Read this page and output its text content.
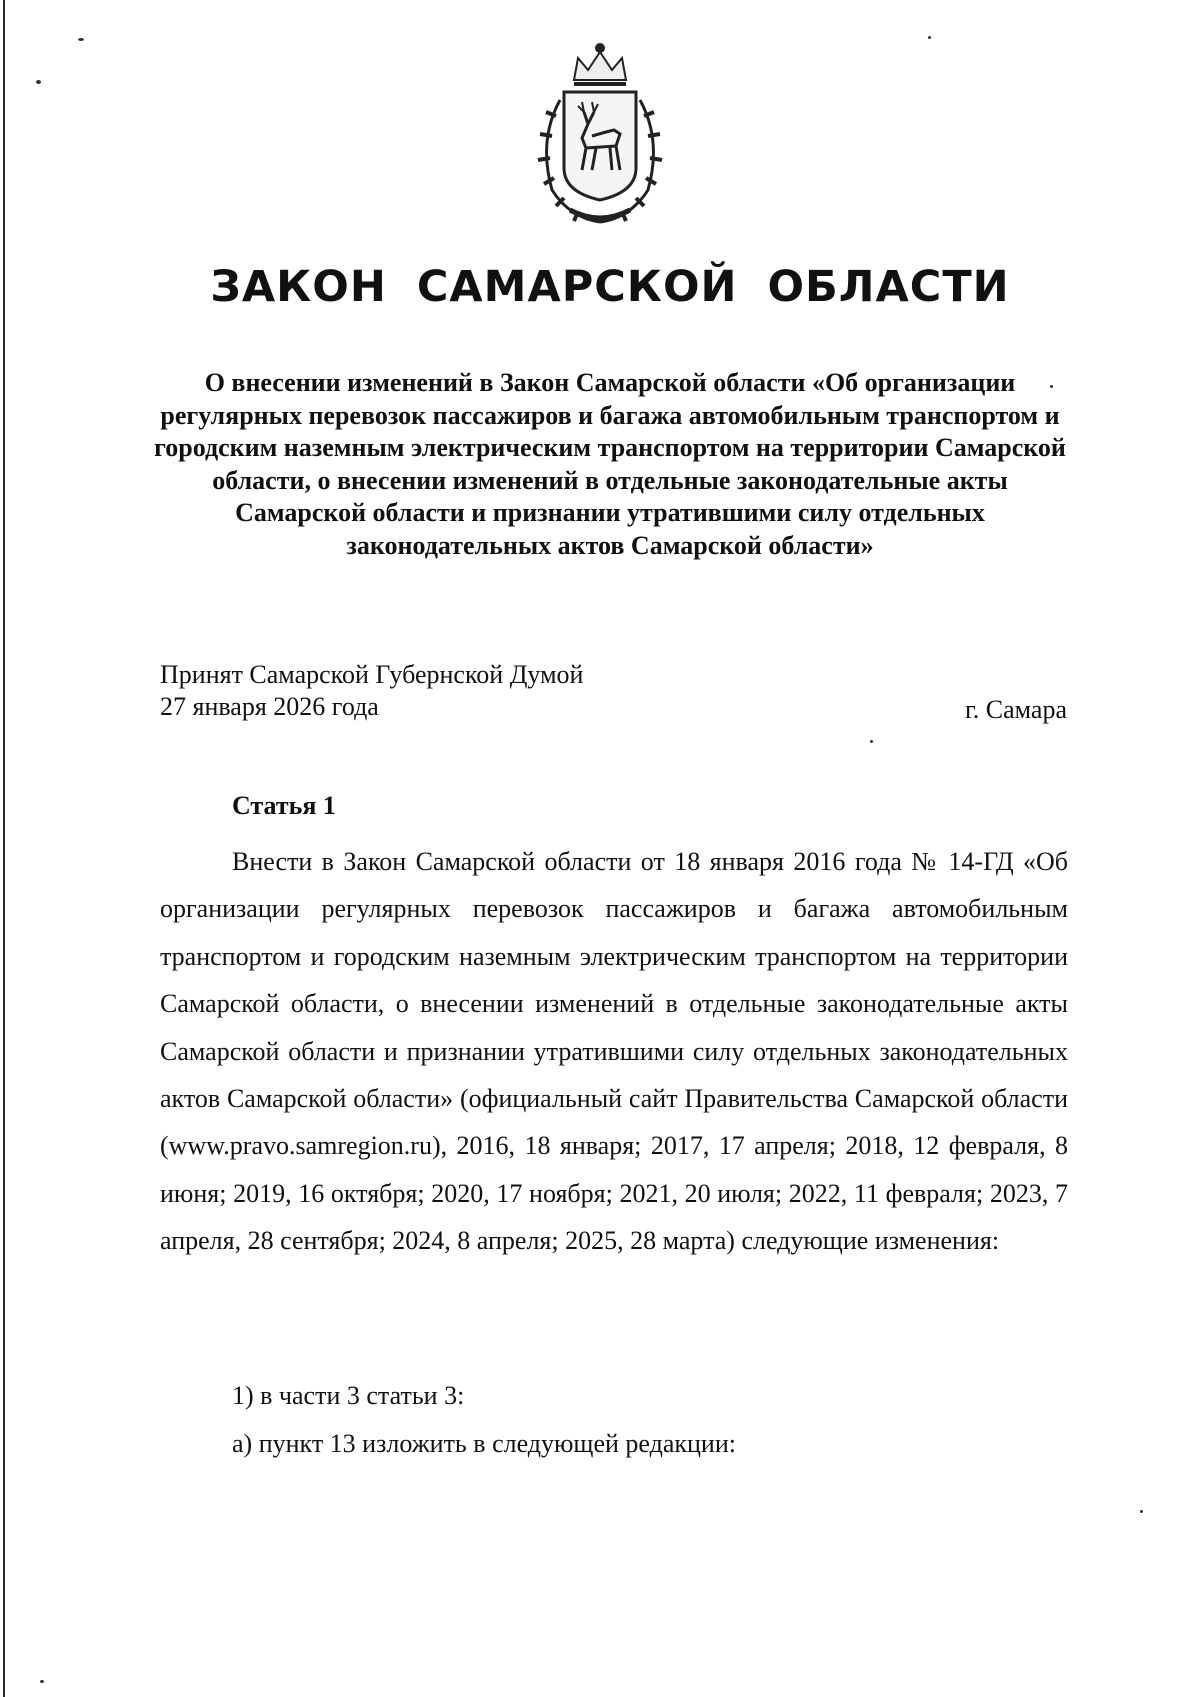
ЗАКОН САМАРСКОЙ ОБЛАСТИ

О внесении изменений в Закон Самарской области «Об организации регулярных перевозок пассажиров и багажа автомобильным транспортом и городским наземным электрическим транспортом на территории Самарской области, о внесении изменений в отдельные законодательные акты Самарской области и признании утратившими силу отдельных законодательных актов Самарской области»

Принят Самарской Губернской Думой
27 января 2026 года	г. Самара
Статья 1

Внести в Закон Самарской области от 18 января 2016 года № 14-ГД «Об организации регулярных перевозок пассажиров и багажа автомобильным транспортом и городским наземным электрическим транспортом на территории Самарской области, о внесении изменений в отдельные законодательные акты Самарской области и признании утратившими силу отдельных законодательных актов Самарской области» (официальный сайт Правительства Самарской области (www.pravo.samregion.ru), 2016, 18 января; 2017, 17 апреля; 2018, 12 февраля, 8 июня; 2019, 16 октября; 2020, 17 ноября; 2021, 20 июля; 2022, 11 февраля; 2023, 7 апреля, 28 сентября; 2024, 8 апреля; 2025, 28 марта) следующие изменения:

1) в части 3 статьи 3:
а) пункт 13 изложить в следующей редакции:
